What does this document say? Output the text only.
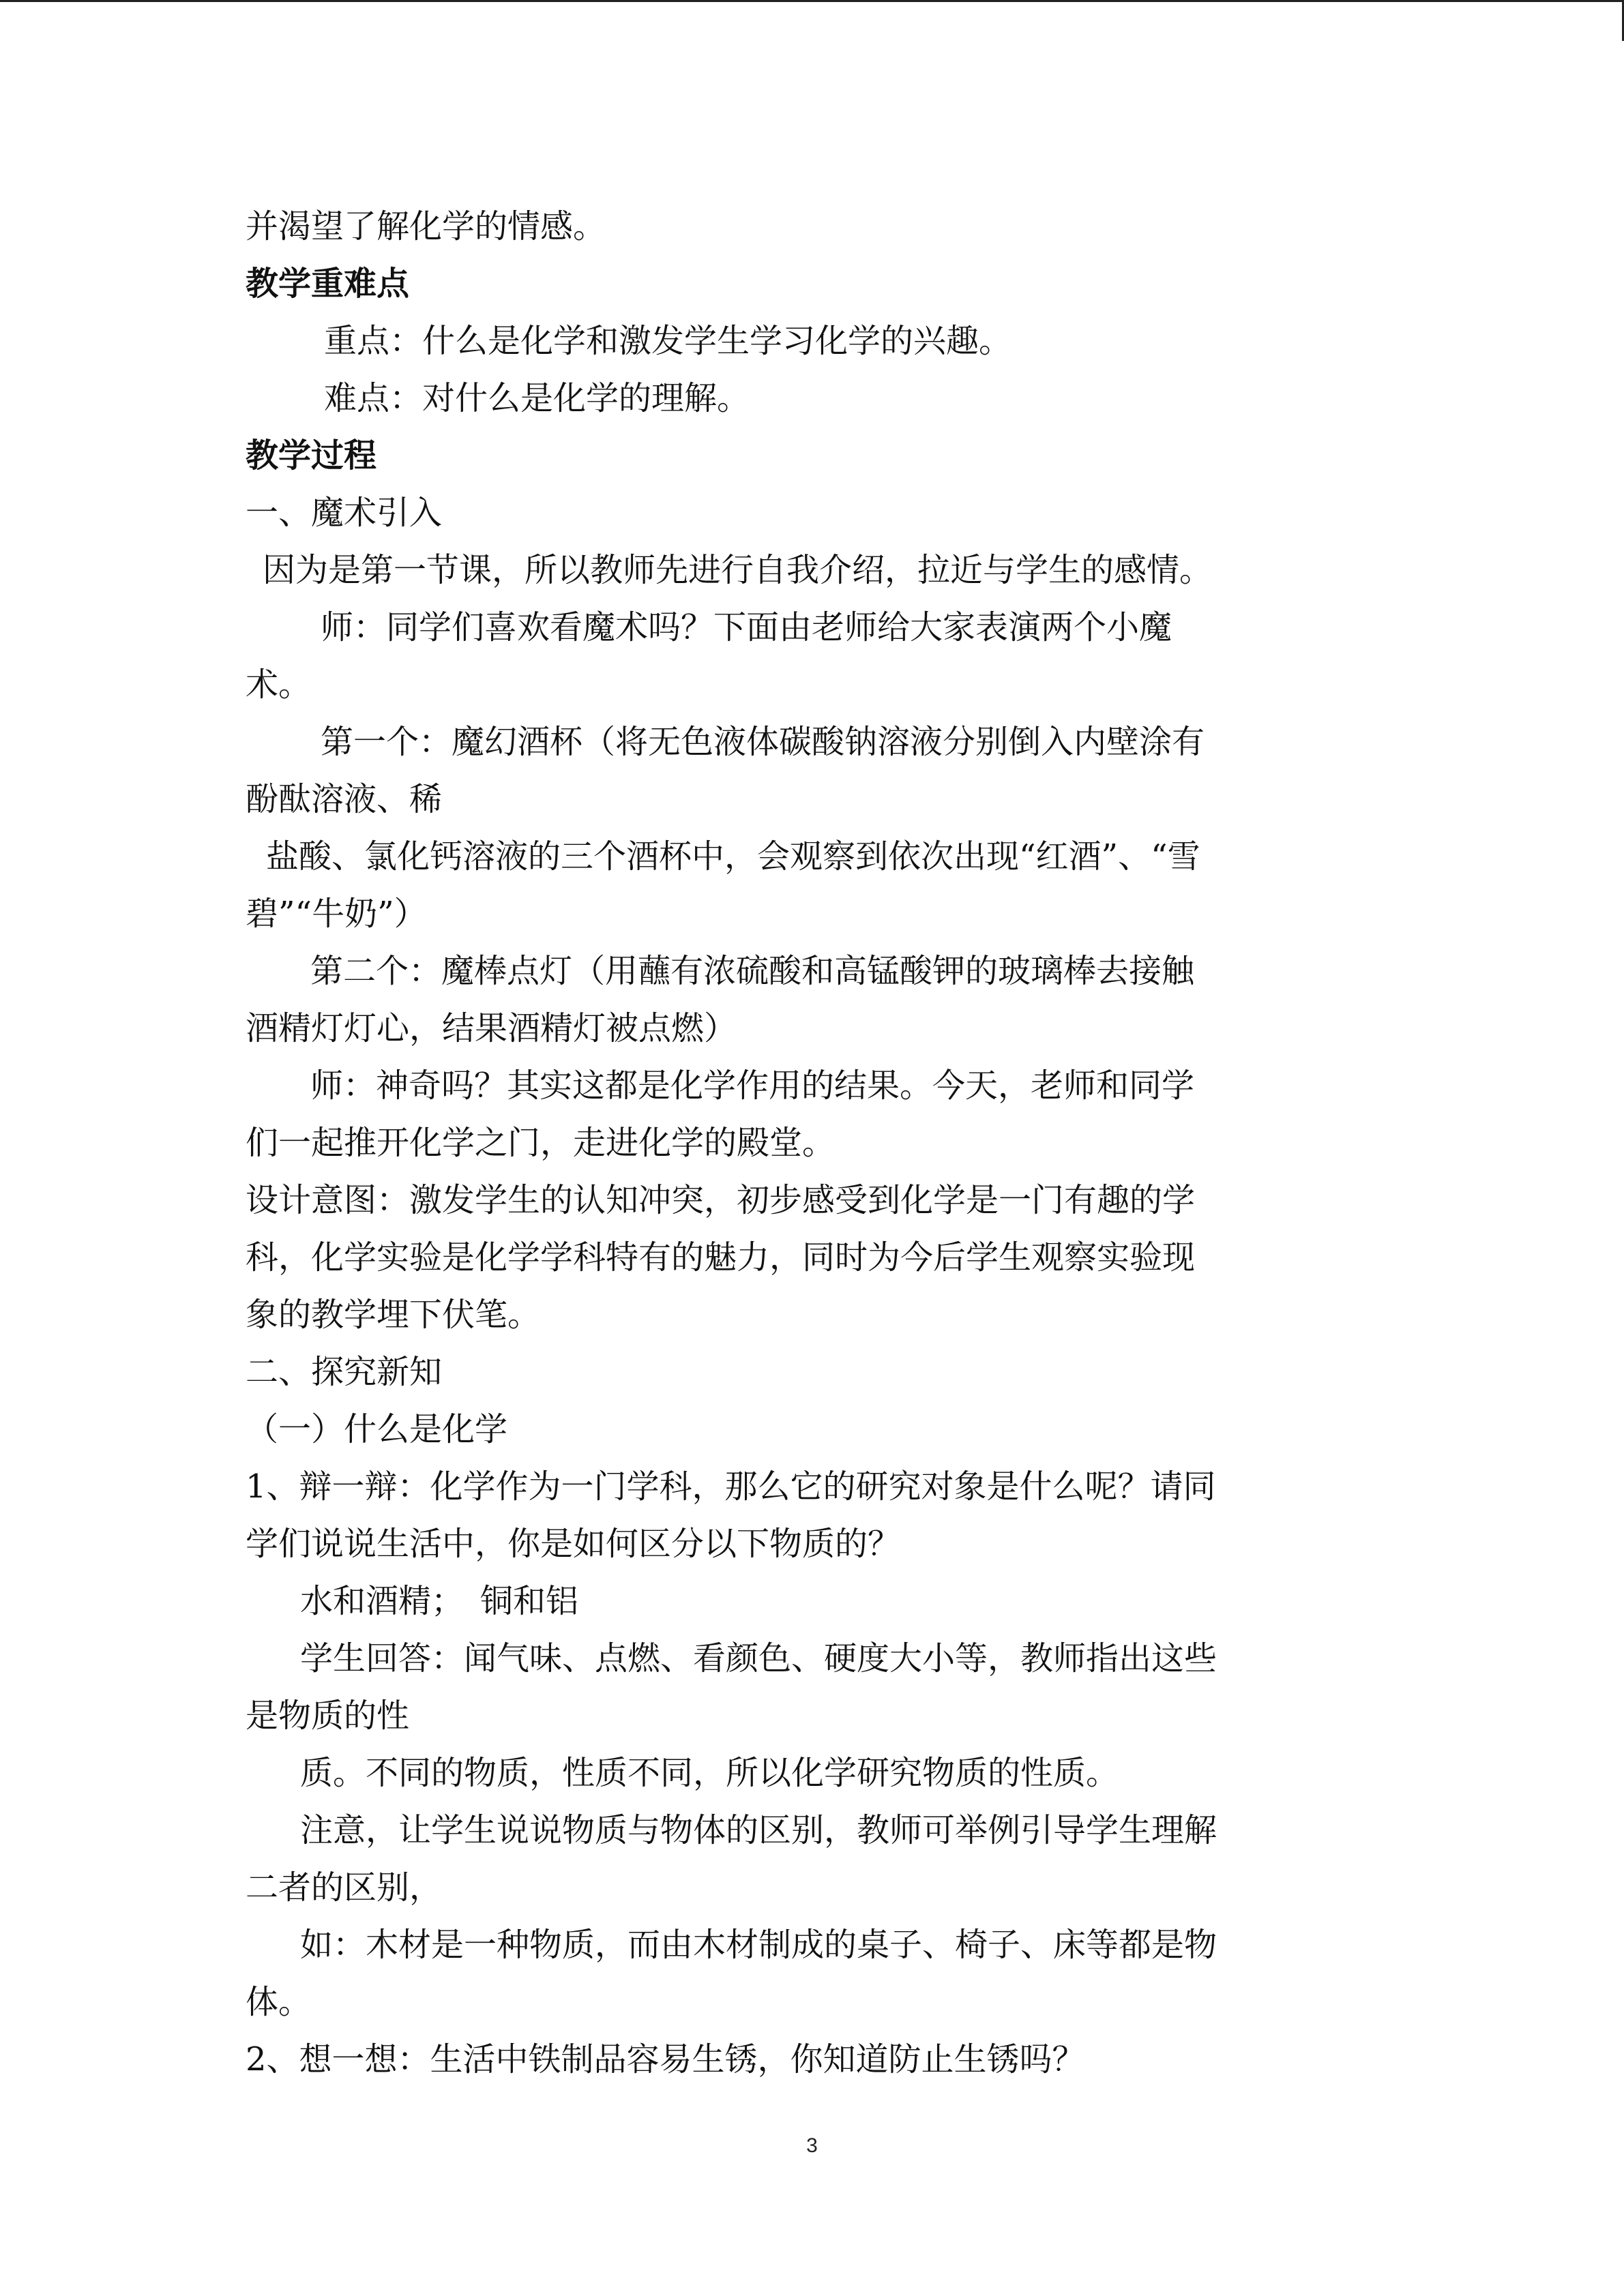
并渴望了解化学的情感。
教学重难点
重点：什么是化学和激发学生学习化学的兴趣。
难点：对什么是化学的理解。
教学过程
一、魔术引入
因为是第一节课，所以教师先进行自我介绍，拉近与学生的感情。
师：同学们喜欢看魔术吗？下面由老师给大家表演两个小魔
术。
第一个：魔幻酒杯（将无色液体碳酸钠溶液分别倒入内壁涂有
酚酞溶液、稀
盐酸、氯化钙溶液的三个酒杯中，会观察到依次出现“红酒”、“雪
碧”“牛奶”）
第二个：魔棒点灯（用蘸有浓硫酸和高锰酸钾的玻璃棒去接触
酒精灯灯心，结果酒精灯被点燃）
师：神奇吗？其实这都是化学作用的结果。今天，老师和同学
们一起推开化学之门，走进化学的殿堂。
设计意图：激发学生的认知冲突，初步感受到化学是一门有趣的学
科，化学实验是化学学科特有的魅力，同时为今后学生观察实验现
象的教学埋下伏笔。
二、探究新知
（一）什么是化学
1、辩一辩：化学作为一门学科，那么它的研究对象是什么呢？请同
学们说说生活中，你是如何区分以下物质的？
水和酒精；　铜和铝
学生回答：闻气味、点燃、看颜色、硬度大小等，教师指出这些
是物质的性
质。不同的物质，性质不同，所以化学研究物质的性质。
注意，让学生说说物质与物体的区别，教师可举例引导学生理解
二者的区别，
如：木材是一种物质，而由木材制成的桌子、椅子、床等都是物
体。
2、想一想：生活中铁制品容易生锈，你知道防止生锈吗？
3
